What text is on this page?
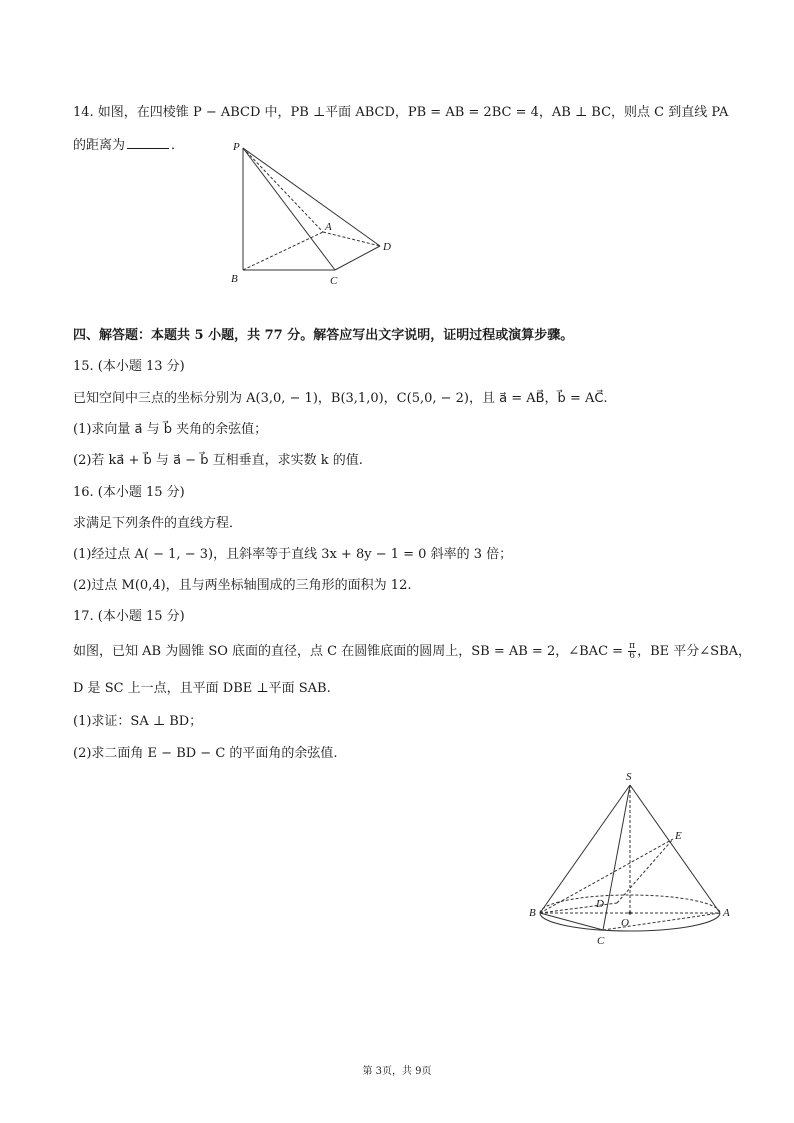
14. 如图，在四棱锥 P − ABCD 中，PB ⊥平面 ABCD，PB = AB = 2BC = 4，AB ⊥ BC，则点 C 到直线 PA
的距离为	．	P
A
B	C
D
四、解答题：本题共 5 小题，共 77 分。解答应写出文字说明，证明过程或演算步骤。
15. (本小题 13 分)
已知空间中三点的坐标分别为 A(3,0, − 1)，B(3,1,0)，C(5,0, − 2)，且 a⃗ = AB⃗，b⃗ = AC⃗.
(1)求向量 a⃗ 与 b⃗ 夹角的余弦值；
(2)若 ka⃗ + b⃗ 与 a⃗ − b⃗ 互相垂直，求实数 k 的值.
16. (本小题 15 分)
求满足下列条件的直线方程．
(1)经过点 A( − 1, − 3)，且斜率等于直线 3x + 8y − 1 = 0 斜率的 3 倍；
(2)过点 M(0,4)，且与两坐标轴围成的三角形的面积为 12.
17. (本小题 15 分)
如图，已知 AB 为圆锥 SO 底面的直径，点 C 在圆锥底面的圆周上，SB = AB = 2，∠BAC = $\frac{\pi}{6}$ ，BE 平分∠SBA，
D 是 SC 上一点，且平面 DBE ⊥平面 SAB.
(1)求证：SA ⊥ BD；
(2)求二面角 E − BD − C 的平面角的余弦值.
S
E
B
D
O
A
C
第 3页，共 9页
